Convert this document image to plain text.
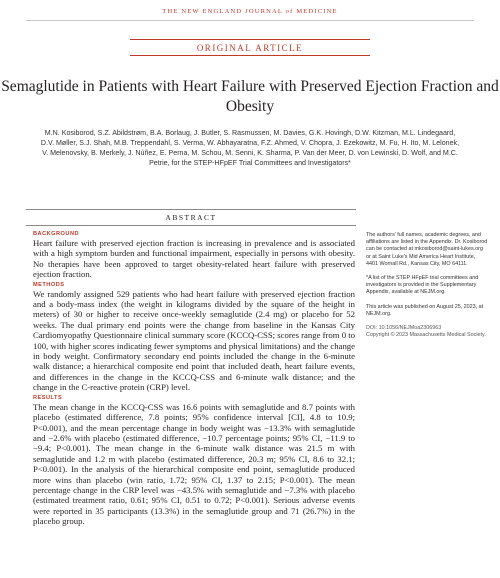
THE NEW ENGLAND JOURNAL of MEDICINE
ORIGINAL ARTICLE
Semaglutide in Patients with Heart Failure with Preserved Ejection Fraction and Obesity
M.N. Kosiborod, S.Z. Abildstrøm, B.A. Borlaug, J. Butler, S. Rasmussen, M. Davies, G.K. Hovingh, D.W. Kitzman, M.L. Lindegaard, D.V. Møller, S.J. Shah, M.B. Treppendahl, S. Verma, W. Abhayaratna, F.Z. Ahmed, V. Chopra, J. Ezekowitz, M. Fu, H. Ito, M. Lelonek, V. Melenovsky, B. Merkely, J. Núñez, E. Perna, M. Schou, M. Senni, K. Sharma, P. Van der Meer, D. von Lewinski, D. Wolf, and M.C. Petrie, for the STEP-HFpEF Trial Committees and Investigators*
ABSTRACT

BACKGROUND

Heart failure with preserved ejection fraction is increasing in prevalence and is associated with a high symptom burden and functional impairment, especially in persons with obesity. No therapies have been approved to target obesity-related heart failure with preserved ejection fraction.

METHODS

We randomly assigned 529 patients who had heart failure with preserved ejection fraction and a body-mass index (the weight in kilograms divided by the square of the height in meters) of 30 or higher to receive once-weekly semaglutide (2.4 mg) or placebo for 52 weeks. The dual primary end points were the change from baseline in the Kansas City Cardiomyopathy Questionnaire clinical summary score (KCCQ-CSS; scores range from 0 to 100, with higher scores indicating fewer symptoms and physical limitations) and the change in body weight. Confirmatory secondary end points included the change in the 6-minute walk distance; a hierarchical composite end point that included death, heart failure events, and differences in the change in the KCCQ-CSS and 6-minute walk distance; and the change in the C-reactive protein (CRP) level.

RESULTS

The mean change in the KCCQ-CSS was 16.6 points with semaglutide and 8.7 points with placebo (estimated difference, 7.8 points; 95% confidence interval [CI], 4.8 to 10.9; P<0.001), and the mean percentage change in body weight was −13.3% with semaglutide and −2.6% with placebo (estimated difference, −10.7 percentage points; 95% CI, −11.9 to −9.4; P<0.001). The mean change in the 6-minute walk distance was 21.5 m with semaglutide and 1.2 m with placebo (estimated difference, 20.3 m; 95% CI, 8.6 to 32.1; P<0.001). In the analysis of the hierarchical composite end point, semaglutide produced more wins than placebo (win ratio, 1.72; 95% CI, 1.37 to 2.15; P<0.001). The mean percentage change in the CRP level was −43.5% with semaglutide and −7.3% with placebo (estimated treatment ratio, 0.61; 95% CI, 0.51 to 0.72; P<0.001). Serious adverse events were reported in 35 participants (13.3%) in the semaglutide group and 71 (26.7%) in the placebo group.

The authors' full names, academic degrees, and affiliations are listed in the Appendix. Dr. Kosiborod can be contacted at mkosiborod@saint-lukes.org or at Saint Luke's Mid America Heart Institute, 4401 Wornall Rd., Kansas City, MO 64111.

*A list of the STEP HFpEF trial committees and investigators is provided in the Supplementary Appendix, available at NEJM.org.

This article was published on August 25, 2023, at NEJM.org.

DOI: 10.1056/NEJMoa2306963
Copyright © 2023 Massachusetts Medical Society.
